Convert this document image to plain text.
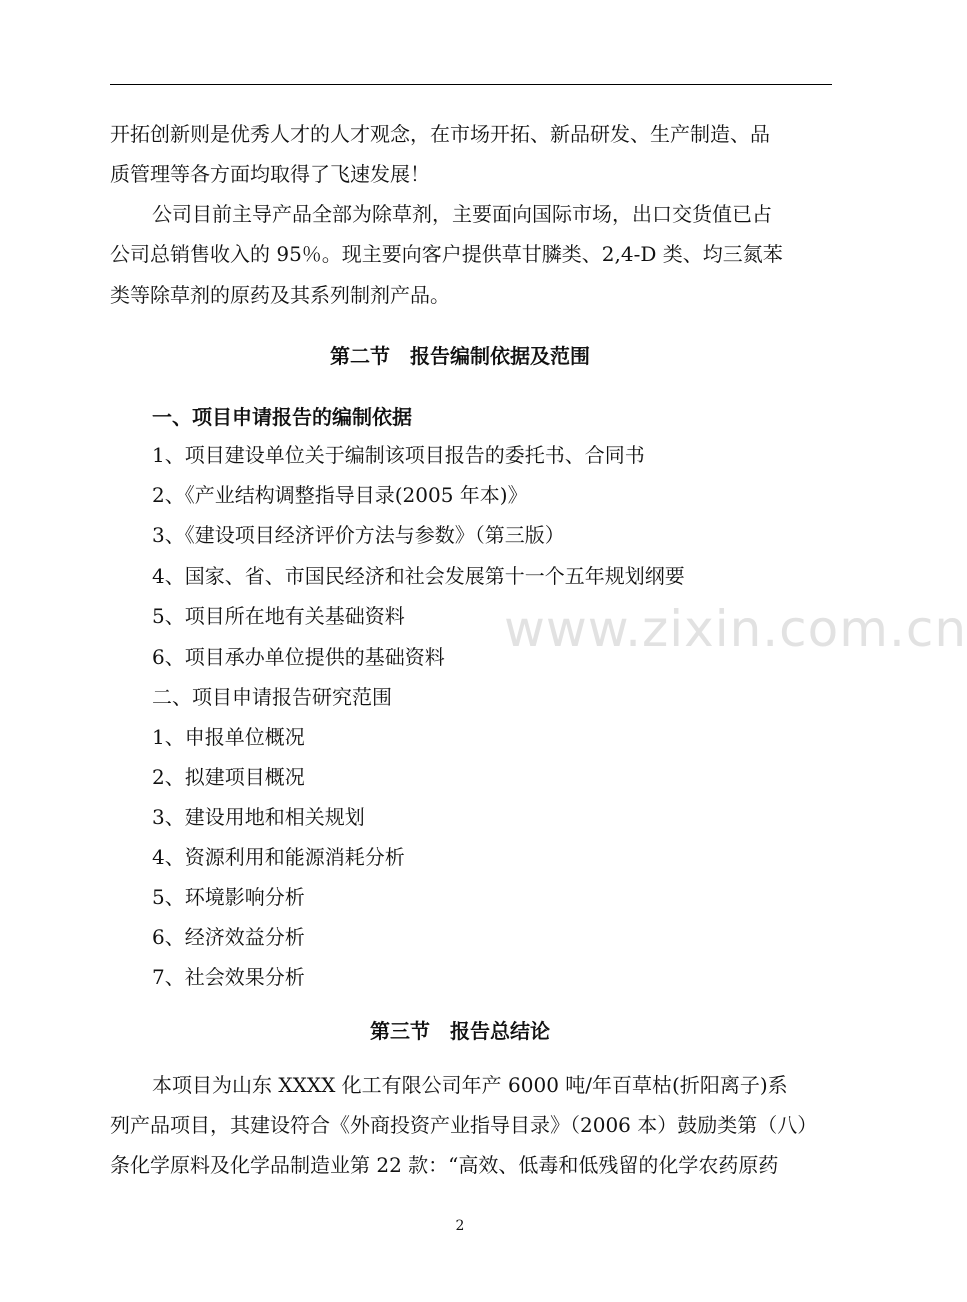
www.zixin.com.cn
开拓创新则是优秀人才的人才观念，在市场开拓、新品研发、生产制造、品
质管理等各方面均取得了飞速发展！
公司目前主导产品全部为除草剂，主要面向国际市场，出口交货值已占
公司总销售收入的 95％。现主要向客户提供草甘膦类、2,4-D 类、均三氮苯
类等除草剂的原药及其系列制剂产品。
第二节　报告编制依据及范围
一、项目申请报告的编制依据
1、项目建设单位关于编制该项目报告的委托书、合同书
2、《产业结构调整指导目录(2005 年本)》
3、《建设项目经济评价方法与参数》（第三版）
4、国家、省、市国民经济和社会发展第十一个五年规划纲要
5、项目所在地有关基础资料
6、项目承办单位提供的基础资料
二、项目申请报告研究范围
1、申报单位概况
2、拟建项目概况
3、建设用地和相关规划
4、资源利用和能源消耗分析
5、环境影响分析
6、经济效益分析
7、社会效果分析
第三节　报告总结论
本项目为山东 XXXX 化工有限公司年产 6000 吨/年百草枯(折阳离子)系
列产品项目，其建设符合《外商投资产业指导目录》（2006 本）鼓励类第（八）
条化学原料及化学品制造业第 22 款：“高效、低毒和低残留的化学农药原药
2
